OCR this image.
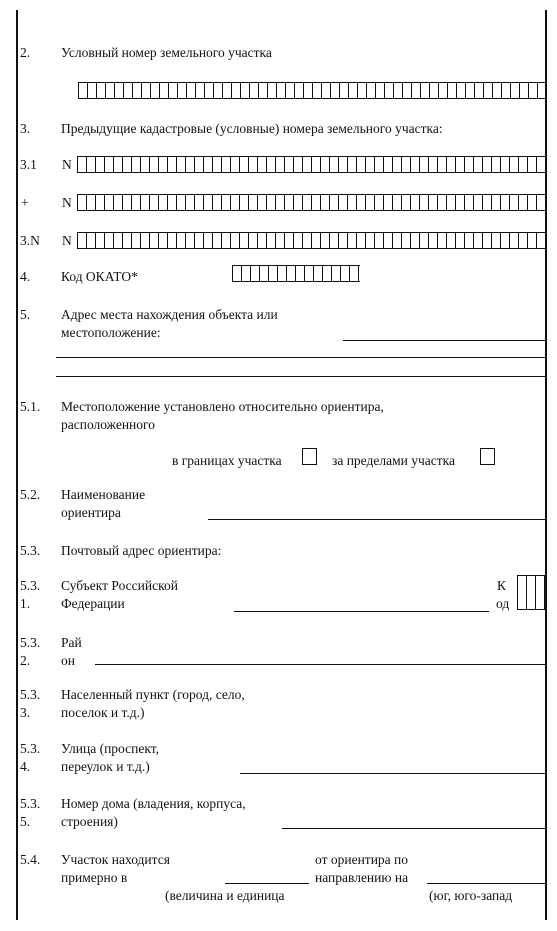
2. Условный номер земельного участка
3. Предыдущие кадастровые (условные) номера земельного участка:
3.1 N
+ N
3.N N
4. Код ОКАТО*
5. Адрес места нахождения объекта или
местоположение:
5.1. Местоположение установлено относительно ориентира,
расположенного
в границах участка	за пределами участка
5.2. Наименование
ориентира
5.3. Почтовый адрес ориентира:
5.3.
1.
Субъект Российской
Федерации
К
од
5.3.
2.
Рай
он
5.3.
3.
Населенный пункт (город, село,
поселок и т.д.)
5.3.
4.
Улица (проспект,
переулок и т.д.)
5.3.
5.
Номер дома (владения, корпуса,
строения)
5.4. Участок находится
примерно в
от ориентира по
направлению на
(величина и единица	(юг, юго-запад
